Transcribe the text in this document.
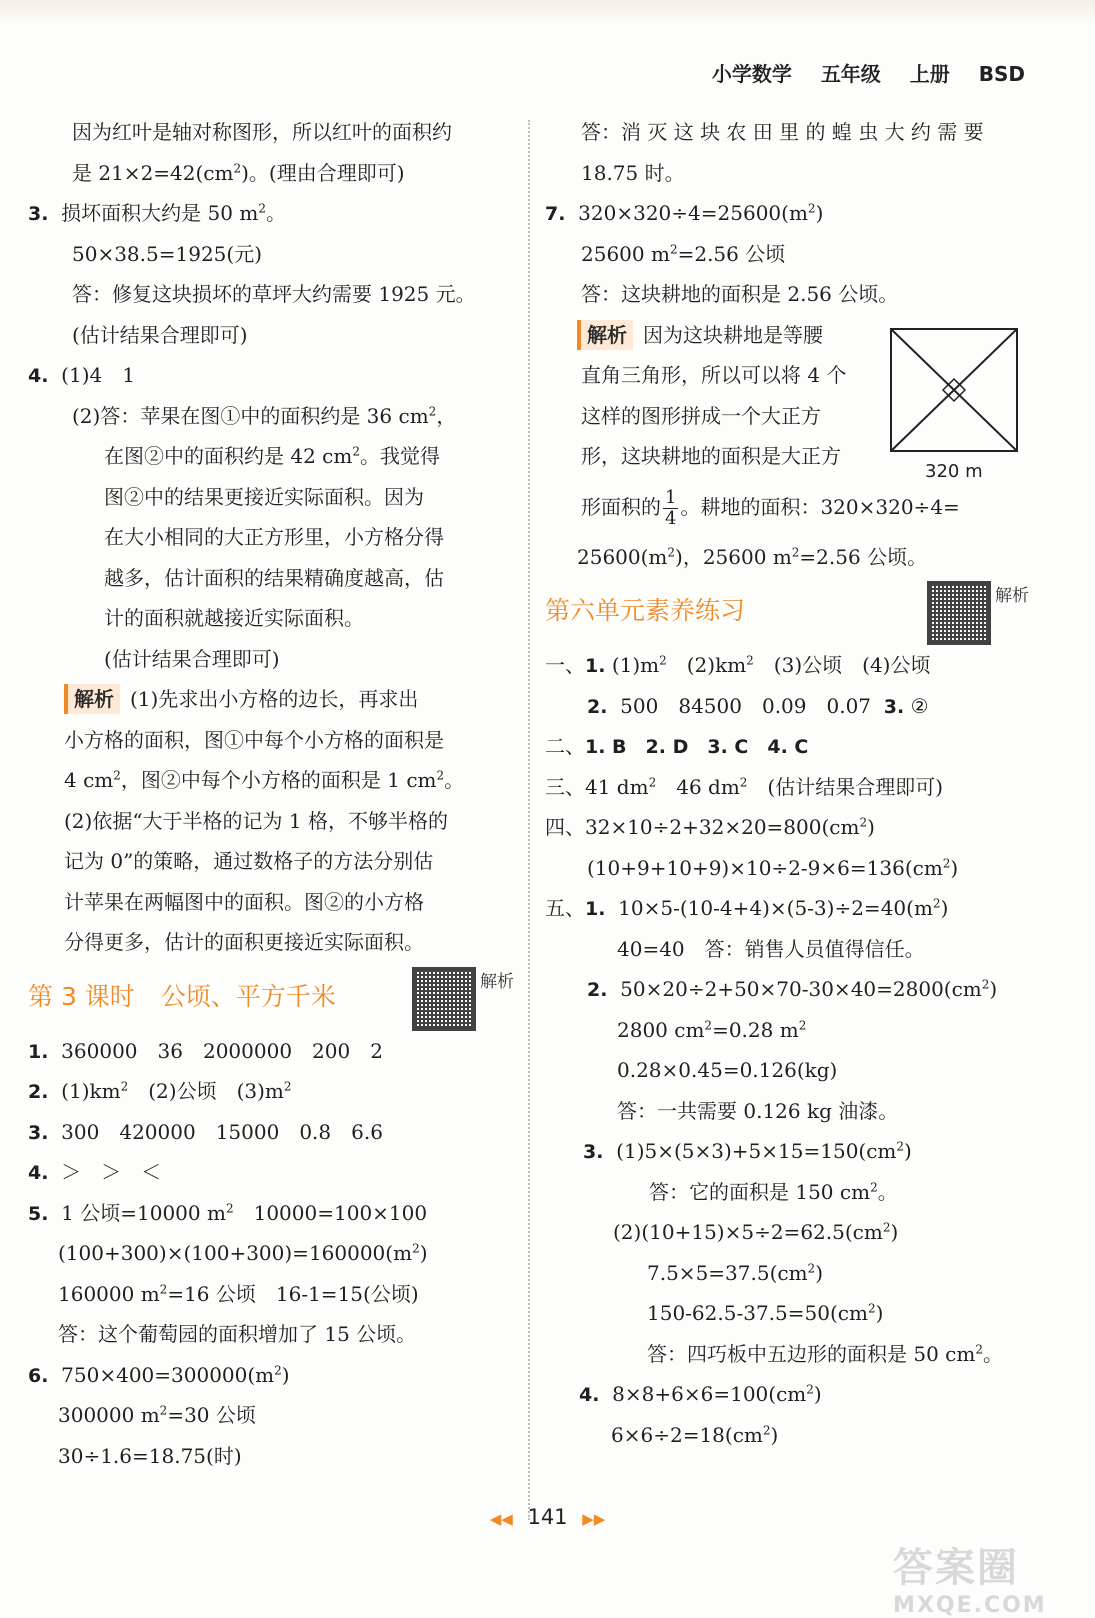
小学数学 五年级 上册 BSD
因为红叶是轴对称图形，所以红叶的面积约
是 $21\times 2=42(cm^2)$。(理由合理即可)
3. 损坏面积大约是 50 $m^2$。
50×38.5=1925(元)
答：修复这块损坏的草坪大约需要 1925 元。
(估计结果合理即可)
4. (1)4　1
(2)答：苹果在图①中的面积约是 36 $cm^2$，
在图②中的面积约是 42 $cm^2$。我觉得
图②中的结果更接近实际面积。因为
在大小相同的大正方形里，小方格分得
越多，估计面积的结果精确度越高，估
计的面积就越接近实际面积。
(估计结果合理即可)
解析 (1)先求出小方格的边长，再求出
小方格的面积，图①中每个小方格的面积是
4 $cm^2$，图②中每个小方格的面积是 1 $cm^2$。
(2)依据“大于半格的记为 1 格，不够半格的
记为 0”的策略，通过数格子的方法分别估
计苹果在两幅图中的面积。图②的小方格
分得更多，估计的面积更接近实际面积。
第 3 课时 公顷、平方千米	解析
1. 360000　36　2000000　200　2
2. $(1)km^2$　(2)公顷　$(3)m^2$
3. 300　420000　15000　0.8　6.6
4. ＞　＞　＜
5. 1 公顷=10000 $m^2$　10000=100×100
$(100+300)\times(100+300)=160000(m^2)$
160000 $m^2=16$ 公顷　16-1=15(公顷)
答：这个葡萄园的面积增加了 15 公顷。
6. $750\times 400=300000(m^2)$
300000 $m^2=30$ 公顷
30÷1.6=18.75(时)
答：消 灭 这 块 农 田 里 的 蝗 虫 大 约 需 要
18.75 时。
7. $320\times 320\div 4=25600(m^2)$
25600 $m^2=2.56$ 公顷
答：这块耕地的面积是 2.56 公顷。
解析 因为这块耕地是等腰
直角三角形，所以可以将 4 个
这样的图形拼成一个大正方
形，这块耕地的面积是大正方
形面积的 $\frac{1}{4}$ 。耕地的面积：320×320÷4=
$25600(m^2)$，25600 $m^2=2.56$ 公顷。
第六单元素养练习	解析
一、1. $(1)m^2$　$(2)km^2$　(3)公顷　(4)公顷
2. 500　84500　0.09　0.07 3. ②
二、1. B　2. D　3. C　4. C
三、41 $dm^2$　46 $dm^2$　(估计结果合理即可)
四、$32\times 10\div 2+32\times 20=800(cm^2)$
$(10+9+10+9)\times 10\div 2-9\times 6=136(cm^2)$
五、1. $10\times 5-(10-4+4)\times(5-3)\div 2=40(m^2)$
40=40　答：销售人员值得信任。
2. $50\times 20\div 2+50\times 70-30\times 40=2800(cm^2)$
2800 $cm^2=0.28$ $m^2$
0.28×0.45=0.126(kg)
答：一共需要 0.126 kg 油漆。
3. $(1)5\times(5\times 3)+5\times 15=150(cm^2)$
答：它的面积是 150 $cm^2$。
$(2)(10+15)\times 5\div 2=62.5(cm^2)$
$7.5\times 5=37.5(cm^2)$
$150-62.5-37.5=50(cm^2)$
答：四巧板中五边形的面积是 50 $cm^2$。
4. $8\times 8+6\times 6=100(cm^2)$
$6\times 6\div 2=18(cm^2)$
320 m
◀◀ 141 ▶▶
答案圈
MXQE.COM
